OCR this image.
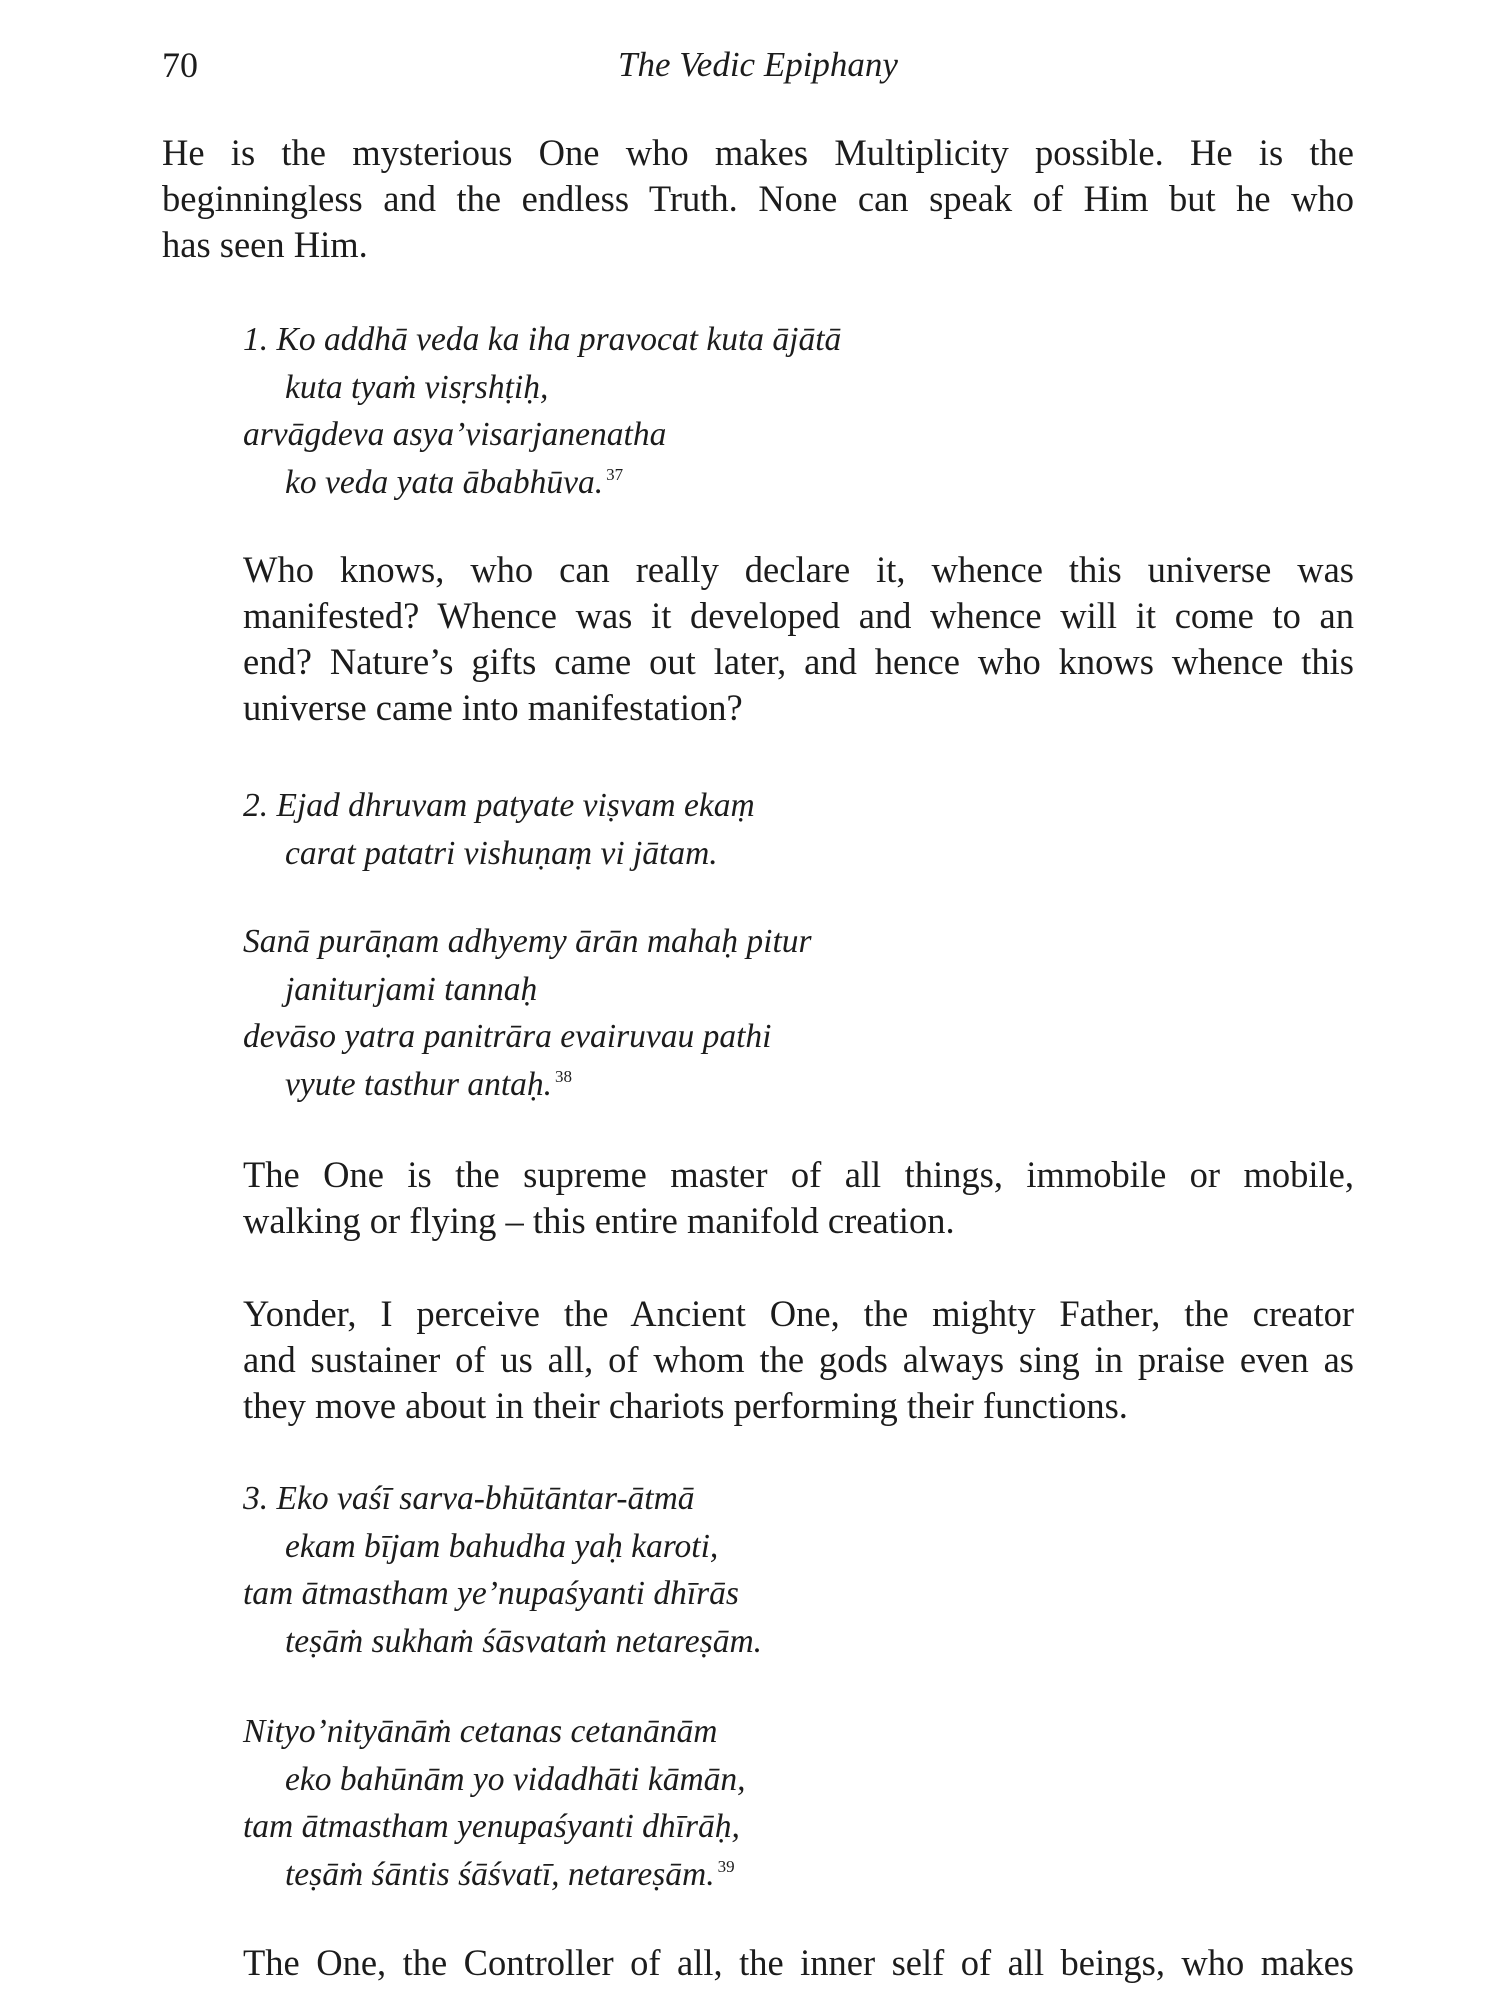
70	The Vedic Epiphany

He is the mysterious One who makes Multiplicity possible. He is the
beginningless and the endless Truth. None can speak of Him but he who
has seen Him.

1. Ko addhā veda ka iha pravocat kuta ājātā
kuta tyaṁ visṛshṭiḥ,
arvāgdeva asya’visarjanenatha
ko veda yata ābabhūva. $^{37}$

Who knows, who can really declare it, whence this universe was
manifested? Whence was it developed and whence will it come to an
end? Nature’s gifts came out later, and hence who knows whence this
universe came into manifestation?

2. Ejad dhruvam patyate viṣvam ekaṃ
carat patatri vishuṇaṃ vi jātam.
Sanā purāṇam adhyemy ārān mahaḥ pitur
janiturjami tannaḥ
devāso yatra panitrāra evairuvau pathi
vyute tasthur antaḥ. $^{38}$

The One is the supreme master of all things, immobile or mobile,
walking or flying – this entire manifold creation.

Yonder, I perceive the Ancient One, the mighty Father, the creator
and sustainer of us all, of whom the gods always sing in praise even as
they move about in their chariots performing their functions.

3. Eko vaśī sarva-bhūtāntar-ātmā
ekam bījam bahudha yaḥ karoti,
tam ātmastham ye’nupaśyanti dhīrās
teṣāṁ sukhaṁ śāsvataṁ netareṣām.
Nityo’nityānāṁ cetanas cetanānām
eko bahūnām yo vidadhāti kāmān,
tam ātmastham yenupaśyanti dhīrāḥ,
teṣāṁ śāntis śāśvatī, netareṣām. $^{39}$

The One, the Controller of all, the inner self of all beings, who makes
